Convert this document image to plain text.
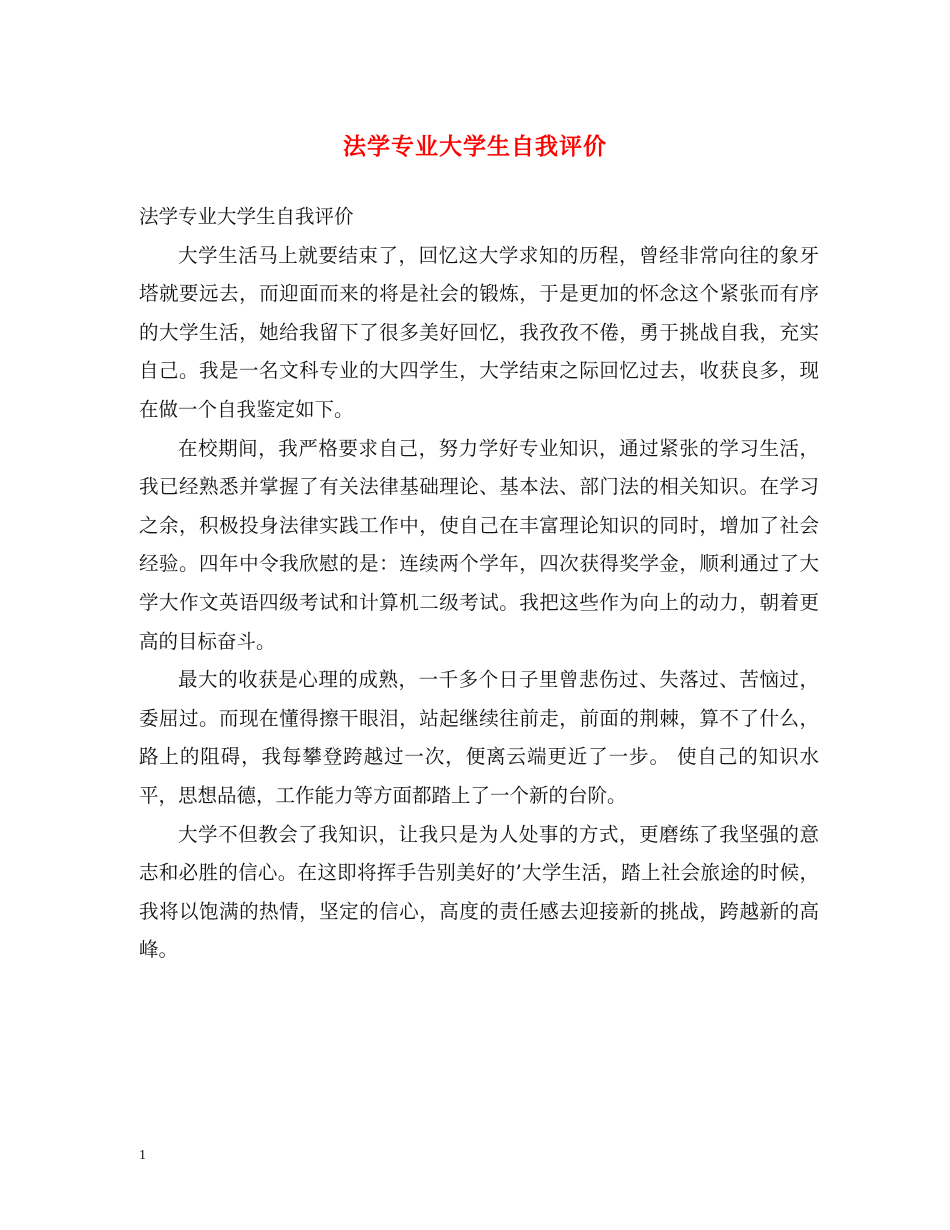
法学专业大学生自我评价
法学专业大学生自我评价

大学生活马上就要结束了，回忆这大学求知的历程，曾经非常向往的象牙塔就要远去，而迎面而来的将是社会的锻炼，于是更加的怀念这个紧张而有序的大学生活，她给我留下了很多美好回忆，我孜孜不倦，勇于挑战自我，充实自己。我是一名文科专业的大四学生，大学结束之际回忆过去，收获良多，现在做一个自我鉴定如下。

在校期间，我严格要求自己，努力学好专业知识，通过紧张的学习生活，我已经熟悉并掌握了有关法律基础理论、基本法、部门法的相关知识。在学习之余，积极投身法律实践工作中，使自己在丰富理论知识的同时，增加了社会经验。四年中令我欣慰的是：连续两个学年，四次获得奖学金，顺利通过了大学大作文英语四级考试和计算机二级考试。我把这些作为向上的动力，朝着更高的目标奋斗。

最大的收获是心理的成熟，一千多个日子里曾悲伤过、失落过、苦恼过，委屈过。而现在懂得擦干眼泪，站起继续往前走，前面的荆棘，算不了什么，路上的阻碍，我每攀登跨越过一次，便离云端更近了一步。 使自己的知识水平，思想品德，工作能力等方面都踏上了一个新的台阶。

大学不但教会了我知识，让我只是为人处事的方式，更磨练了我坚强的意志和必胜的信心。在这即将挥手告别美好的’大学生活，踏上社会旅途的时候，我将以饱满的热情，坚定的信心，高度的责任感去迎接新的挑战，跨越新的高峰。

1
